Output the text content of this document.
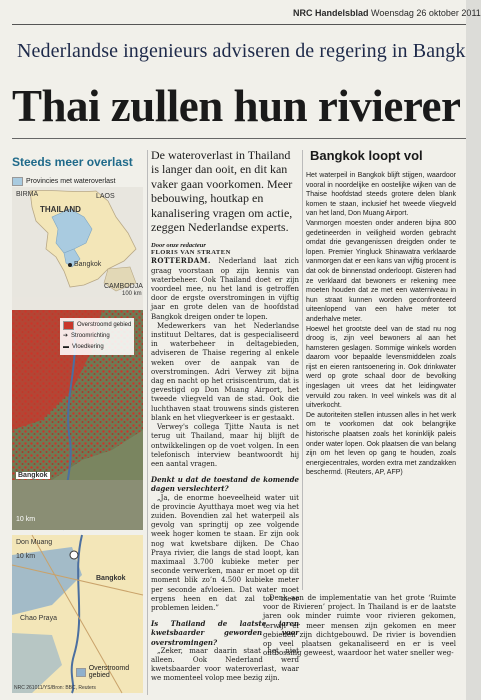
NRC Handelsblad Woensdag 26 oktober 2011
Nederlandse ingenieurs adviseren de regering in Bangk
Thai zullen hun rivierer
Steeds meer overlast
Provincies met wateroverlast
BIRMA	LAOS
THAILAND
Bangkok
CAMBODJA
100 km
Overstroomd gebied
➔ Stroomrichting
▬ Vloedkering
Bangkok
10 km
Don Muang
Bangkok
Chao Praya
10 km
Overstroomd gebied
NRC 261011/YS/Bron: BBC, Reuters
De wateroverlast in Thailand is langer dan ooit, en dit kan vaker gaan voorkomen. Meer bebouwing, houtkap en kanalisering vragen om actie, zeggen Nederlandse experts.
Door onze redacteur
FLORIS VAN STRATEN

ROTTERDAM. Nederland laat zich graag voorstaan op zijn kennis van waterbeheer. Ook Thailand doet er zijn voordeel mee, nu het land is getroffen door de ergste overstromingen in vijftig jaar en grote delen van de hoofdstad Bangkok dreigen onder te lopen.

Medewerkers van het Nederlandse instituut Deltares, dat is gespecialiseerd in waterbeheer in deltagebieden, adviseren de Thaise regering al enkele weken over de aanpak van de overstromingen. Adri Verwey zit bijna dag en nacht op het crisiscentrum, dat is gevestigd op Don Muang Airport, het tweede vliegveld van de stad. Ook die luchthaven staat trouwens sinds gisteren blank en het vliegverkeer is er gestaakt.

Verwey's collega Tjitte Nauta is net terug uit Thailand, maar hij blijft de ontwikkelingen op de voet volgen. In een telefonisch interview beantwoordt hij een aantal vragen.

Denkt u dat de toestand de komende dagen verslechtert?

„Ja, de enorme hoeveelheid water uit de provincie Ayutthaya moet weg via het zuiden. Bovendien zal het waterpeil als gevolg van springtij op zee volgende week hoger komen te staan. Er zijn ook nog wat kwetsbare dijken. De Chao Praya rivier, die langs de stad loopt, kan maximaal 3.700 kubieke meter per seconde verwerken, maar er moet op dit moment blik zo’n 4.500 kubieke meter per seconde afvloeien. Dat water moet ergens heen en dat zal tot meer problemen leiden.”

Is Thailand de laatste jaren kwetsbaarder geworden voor overstromingen?

„Zeker, maar daarin staat het niet alleen. Ook Nederland werd kwetsbaarder voor wateroverlast, waar we momenteel volop mee bezig zijn.

Bangkok loopt vol

Het waterpeil in Bangkok blijft stijgen, waardoor vooral in noordelijke en oostelijke wijken van de Thaise hoofdstad steeds grotere delen blank komen te staan, inclusief het tweede vliegveld van het land, Don Muang Airport.

Vanmorgen moesten onder anderen bijna 800 gedetineerden in veiligheid worden gebracht omdat drie gevangenissen dreigden onder te lopen. Premier Yingluck Shinawatra verklaarde vanmorgen dat er een kans van vijftig procent is dat ook de binnenstad onderloopt. Gisteren had ze verklaard dat bewoners er rekening mee moeten houden dat ze met een waterniveau in hun straat kunnen worden geconfronteerd uiteenlopend van een halve meter tot anderhalve meter.

Hoewel het grootste deel van de stad nu nog droog is, zijn veel bewoners al aan het hamsteren geslagen. Sommige winkels worden daarom voor bepaalde levensmiddelen zoals rijst en eieren rantsoenering in. Ook drinkwater werd op grote schaal door de bevolking ingeslagen uit vrees dat het leidingwater vervuild zou raken. In veel winkels was dit al uitverkocht.

De autoriteiten stellen intussen alles in het werk om te voorkomen dat ook belangrijke historische plaatsen zoals het koninklijk paleis onder water lopen. Ook plaatsen die van belang zijn om het leven op gang te houden, zoals energiecentrales, worden extra met zandzakken beschermd. (Reuters, AP, AFP)

Denk aan de implementatie van het grote ‘Ruimte voor de Rivieren’ project. In Thailand is er de laatste jaren ook minder ruimte voor rivieren gekomen, terwijl er meer mensen zijn gekomen en meer gebieden zijn dichtgebouwd. De rivier is bovendien op veel plaatsen gekanaliseerd en er is veel ontbossing geweest, waardoor het water sneller weg-
